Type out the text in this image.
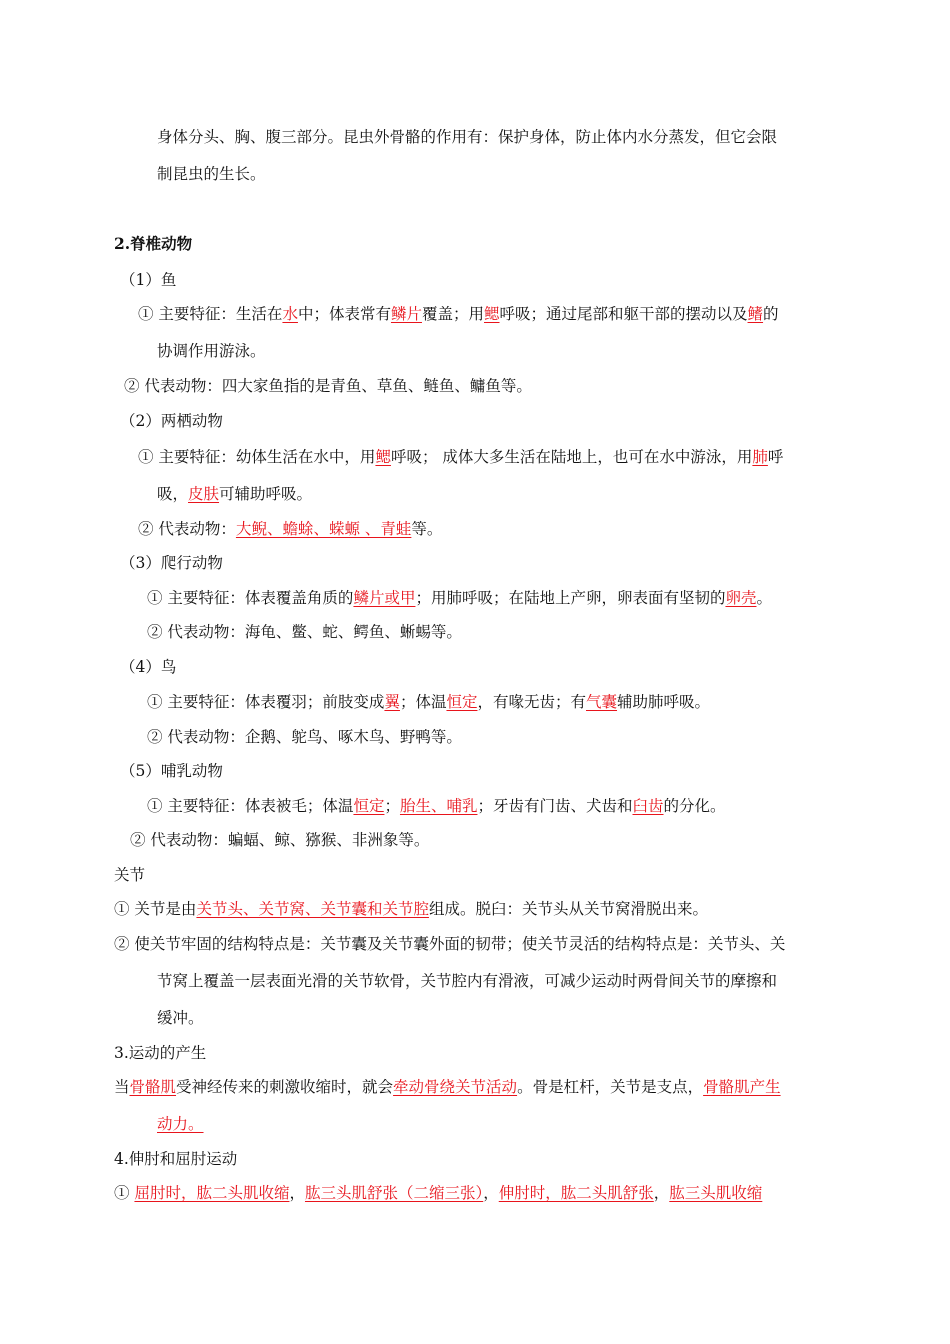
身体分头、胸、腹三部分。昆虫外骨骼的作用有：保护身体，防止体内水分蒸发，但它会限
制昆虫的生长。
2.脊椎动物
（1）鱼
① 主要特征：生活在水中；体表常有鳞片覆盖；用鳃呼吸；通过尾部和躯干部的摆动以及鳍的
协调作用游泳。
② 代表动物：四大家鱼指的是青鱼、草鱼、鲢鱼、鳙鱼等。
（2）两栖动物
① 主要特征：幼体生活在水中，用鳃呼吸； 成体大多生活在陆地上，也可在水中游泳，用肺呼
吸，皮肤可辅助呼吸。
② 代表动物：大鲵、蟾蜍、蝾螈 、青蛙等。
（3）爬行动物
① 主要特征：体表覆盖角质的鳞片或甲；用肺呼吸；在陆地上产卵，卵表面有坚韧的卵壳。
② 代表动物：海龟、鳖、蛇、鳄鱼、蜥蜴等。
（4）鸟
① 主要特征：体表覆羽；前肢变成翼；体温恒定，有喙无齿；有气囊辅助肺呼吸。
② 代表动物：企鹅、鸵鸟、啄木鸟、野鸭等。
（5）哺乳动物
① 主要特征：体表被毛；体温恒定；胎生、哺乳；牙齿有门齿、犬齿和臼齿的分化。
② 代表动物：蝙蝠、鲸、猕猴、非洲象等。
关节
① 关节是由关节头、关节窝、关节囊和关节腔组成。脱臼：关节头从关节窝滑脱出来。
② 使关节牢固的结构特点是：关节囊及关节囊外面的韧带；使关节灵活的结构特点是：关节头、关
节窝上覆盖一层表面光滑的关节软骨，关节腔内有滑液，可减少运动时两骨间关节的摩擦和
缓冲。
3.运动的产生
当骨骼肌受神经传来的刺激收缩时，就会牵动骨绕关节活动。骨是杠杆，关节是支点，骨骼肌产生
动力。
4.伸肘和屈肘运动
① 屈肘时，肱二头肌收缩，肱三头肌舒张（二缩三张），伸肘时，肱二头肌舒张，肱三头肌收缩
